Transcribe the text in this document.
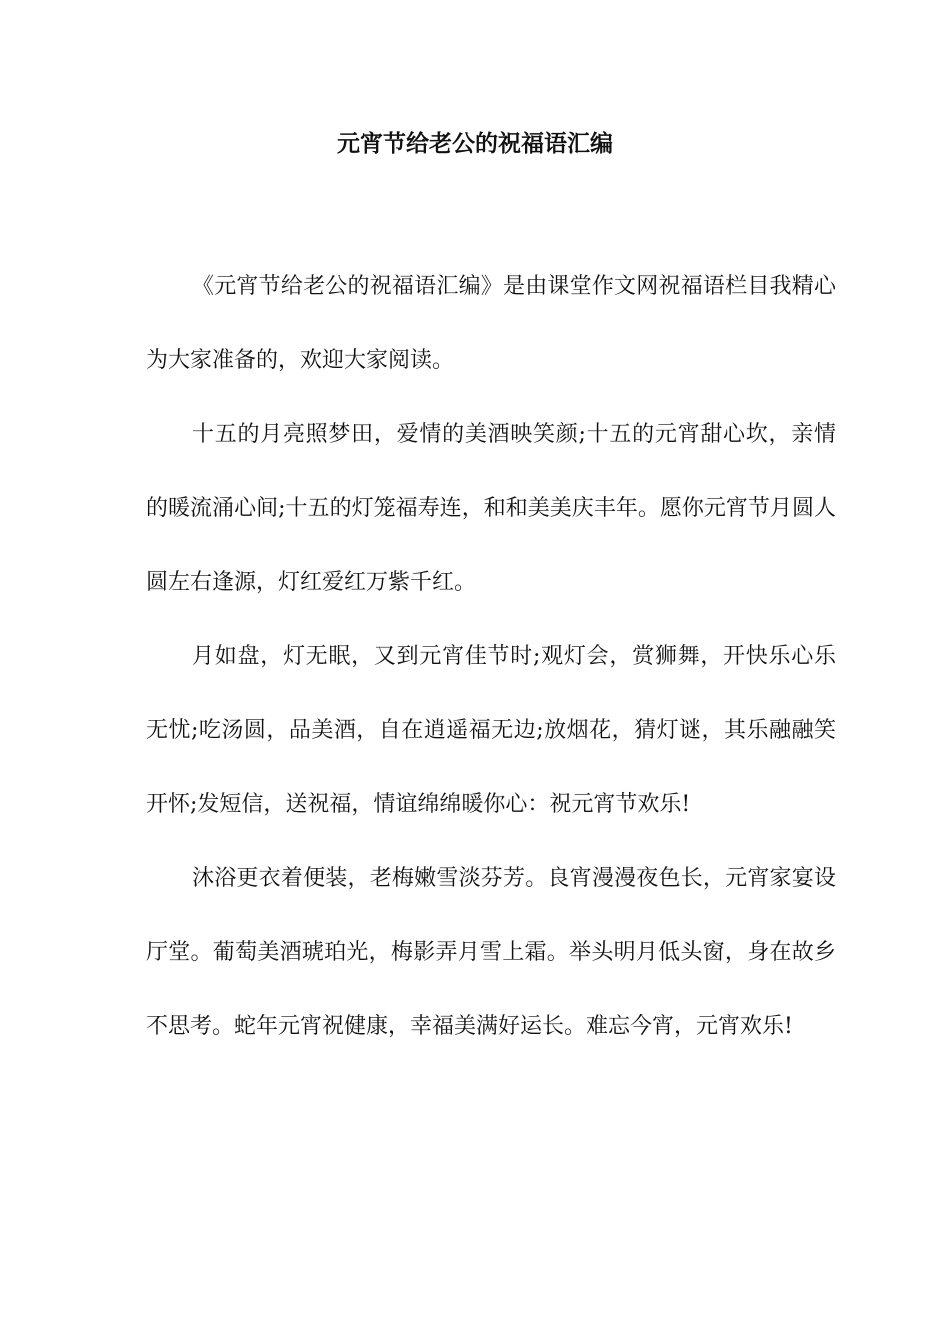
元宵节给老公的祝福语汇编

《元宵节给老公的祝福语汇编》是由课堂作文网祝福语栏目我精心为大家准备的，欢迎大家阅读。

十五的月亮照梦田，爱情的美酒映笑颜;十五的元宵甜心坎，亲情的暖流涌心间;十五的灯笼福寿连，和和美美庆丰年。愿你元宵节月圆人圆左右逢源，灯红爱红万紫千红。

月如盘，灯无眠，又到元宵佳节时;观灯会，赏狮舞，开快乐心乐无忧;吃汤圆，品美酒，自在逍遥福无边;放烟花，猜灯谜，其乐融融笑开怀;发短信，送祝福，情谊绵绵暖你心：祝元宵节欢乐!

沐浴更衣着便装，老梅嫩雪淡芬芳。良宵漫漫夜色长，元宵家宴设厅堂。葡萄美酒琥珀光，梅影弄月雪上霜。举头明月低头窗，身在故乡不思考。蛇年元宵祝健康，幸福美满好运长。难忘今宵，元宵欢乐!
